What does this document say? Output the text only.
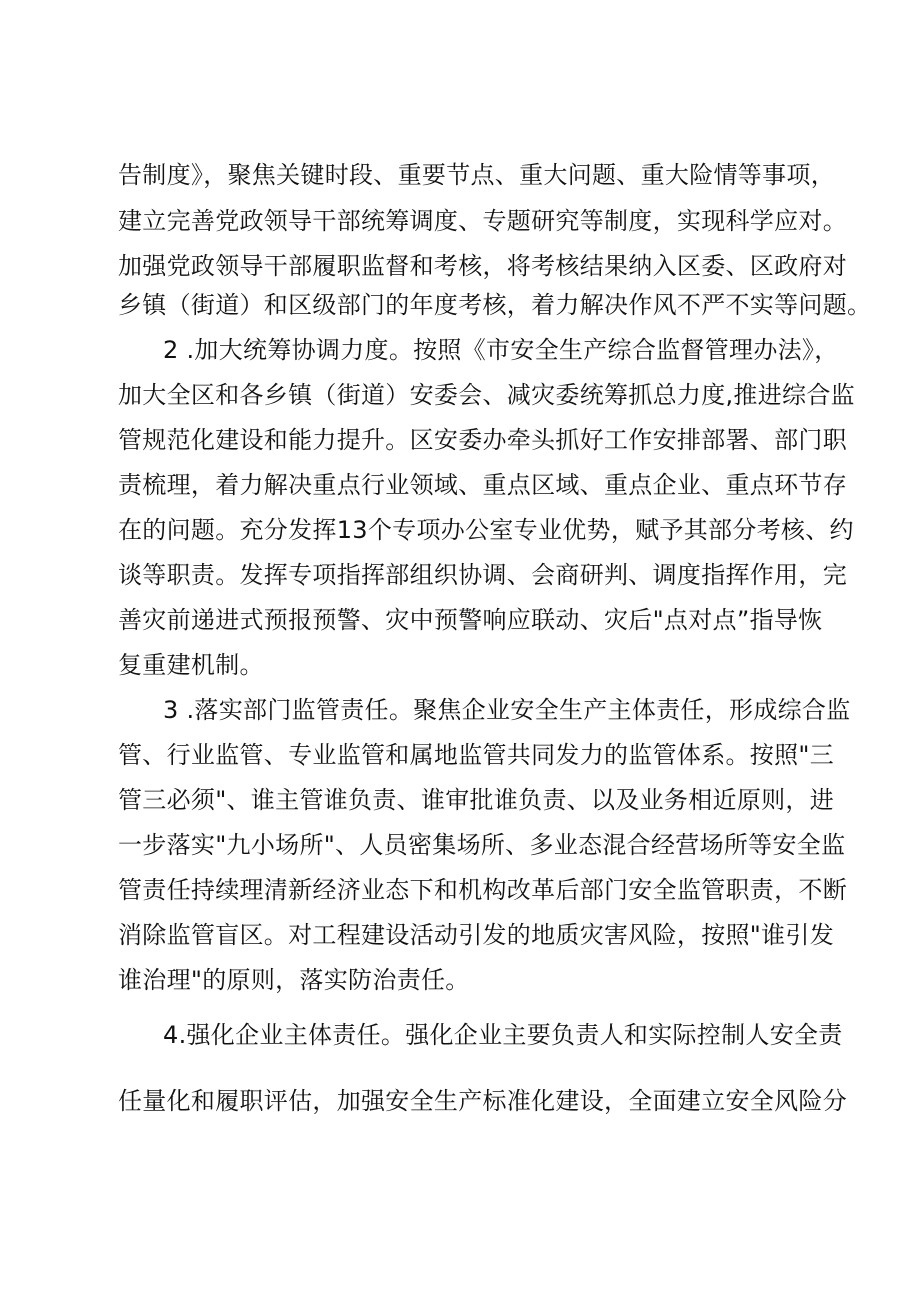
告制度》，聚焦关键时段、重要节点、重大问题、重大险情等事项，
建立完善党政领导干部统筹调度、专题研究等制度，实现科学应对。
加强党政领导干部履职监督和考核，将考核结果纳入区委、区政府对
乡镇（街道）和区级部门的年度考核，着力解决作风不严不实等问题。
2 .加大统筹协调力度。按照《市安全生产综合监督管理办法》，
加大全区和各乡镇（街道）安委会、减灾委统筹抓总力度,推进综合监
管规范化建设和能力提升。区安委办牵头抓好工作安排部署、部门职
责梳理，着力解决重点行业领域、重点区域、重点企业、重点环节存
在的问题。充分发挥13个专项办公室专业优势，赋予其部分考核、约
谈等职责。发挥专项指挥部组织协调、会商研判、调度指挥作用，完
善灾前递进式预报预警、灾中预警响应联动、灾后"点对点”指导恢
复重建机制。
3 .落实部门监管责任。聚焦企业安全生产主体责任，形成综合监
管、行业监管、专业监管和属地监管共同发力的监管体系。按照"三
管三必须"、谁主管谁负责、谁审批谁负责、以及业务相近原则，进
一步落实"九小场所"、人员密集场所、多业态混合经营场所等安全监
管责任持续理清新经济业态下和机构改革后部门安全监管职责，不断
消除监管盲区。对工程建设活动引发的地质灾害风险，按照"谁引发
谁治理"的原则，落实防治责任。
4.强化企业主体责任。强化企业主要负责人和实际控制人安全责
任量化和履职评估，加强安全生产标准化建设，全面建立安全风险分
